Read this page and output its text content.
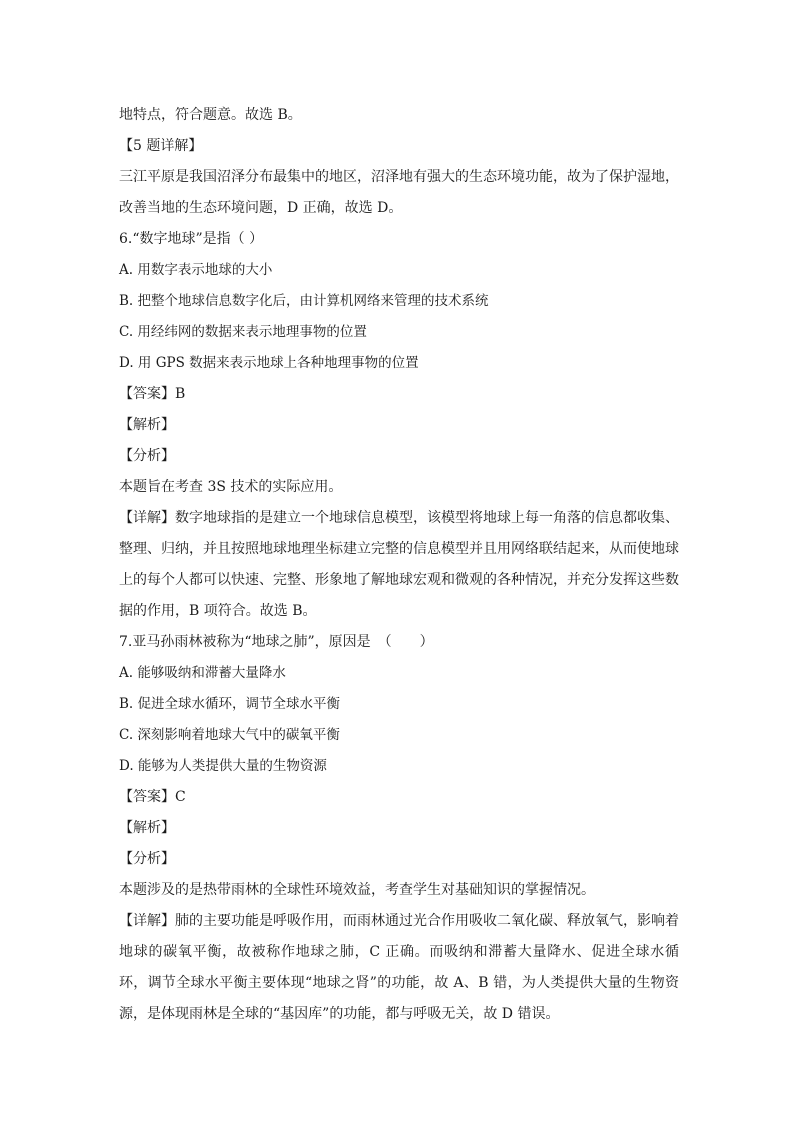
地特点，符合题意。故选 B。
【5 题详解】
三江平原是我国沼泽分布最集中的地区，沼泽地有强大的生态环境功能，故为了保护湿地，改善当地的生态环境问题，D 正确，故选 D。
6.“数字地球”是指（ ）
A. 用数字表示地球的大小
B. 把整个地球信息数字化后，由计算机网络来管理的技术系统
C. 用经纬网的数据来表示地理事物的位置
D. 用 GPS 数据来表示地球上各种地理事物的位置
【答案】B
【解析】
【分析】
本题旨在考查 3S 技术的实际应用。
【详解】数字地球指的是建立一个地球信息模型，该模型将地球上每一角落的信息都收集、整理、归纳，并且按照地球地理坐标建立完整的信息模型并且用网络联结起来，从而使地球上的每个人都可以快速、完整、形象地了解地球宏观和微观的各种情况，并充分发挥这些数据的作用，B 项符合。故选 B。
7.亚马孙雨林被称为“地球之肺”，原因是　（　　）
A. 能够吸纳和滞蓄大量降水
B. 促进全球水循环，调节全球水平衡
C. 深刻影响着地球大气中的碳氧平衡
D. 能够为人类提供大量的生物资源
【答案】C
【解析】
【分析】
本题涉及的是热带雨林的全球性环境效益，考查学生对基础知识的掌握情况。
【详解】肺的主要功能是呼吸作用，而雨林通过光合作用吸收二氧化碳、释放氧气，影响着地球的碳氧平衡，故被称作地球之肺，C 正确。而吸纳和滞蓄大量降水、促进全球水循环，调节全球水平衡主要体现“地球之肾”的功能，故 A、B 错，为人类提供大量的生物资源，是体现雨林是全球的“基因库”的功能，都与呼吸无关，故 D 错误。
